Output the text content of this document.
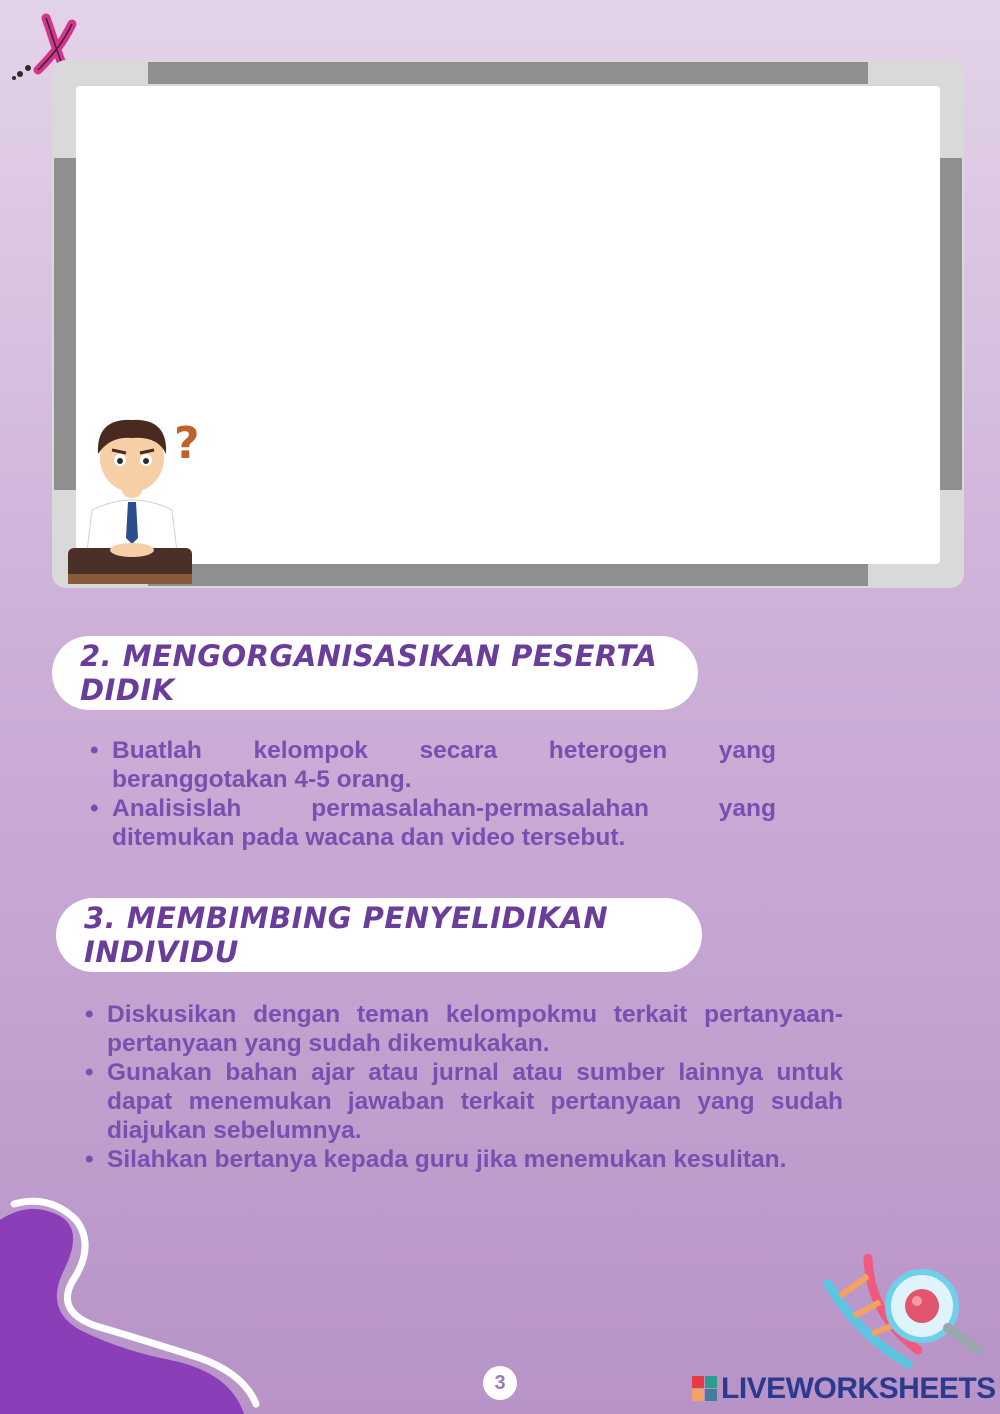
?
2. MENGORGANISASIKAN PESERTA DIDIK
• Buatlah kelompok secara heterogen yang beranggotakan 4-5 orang.
• Analisislah permasalahan-permasalahan yang ditemukan pada wacana dan video tersebut.
3. MEMBIMBING PENYELIDIKAN INDIVIDU
• Diskusikan dengan teman kelompokmu terkait pertanyaan-pertanyaan yang sudah dikemukakan.
• Gunakan bahan ajar atau jurnal atau sumber lainnya untuk dapat menemukan jawaban terkait pertanyaan yang sudah diajukan sebelumnya.
• Silahkan bertanya kepada guru jika menemukan kesulitan.
3	LIVEWORKSHEETS
